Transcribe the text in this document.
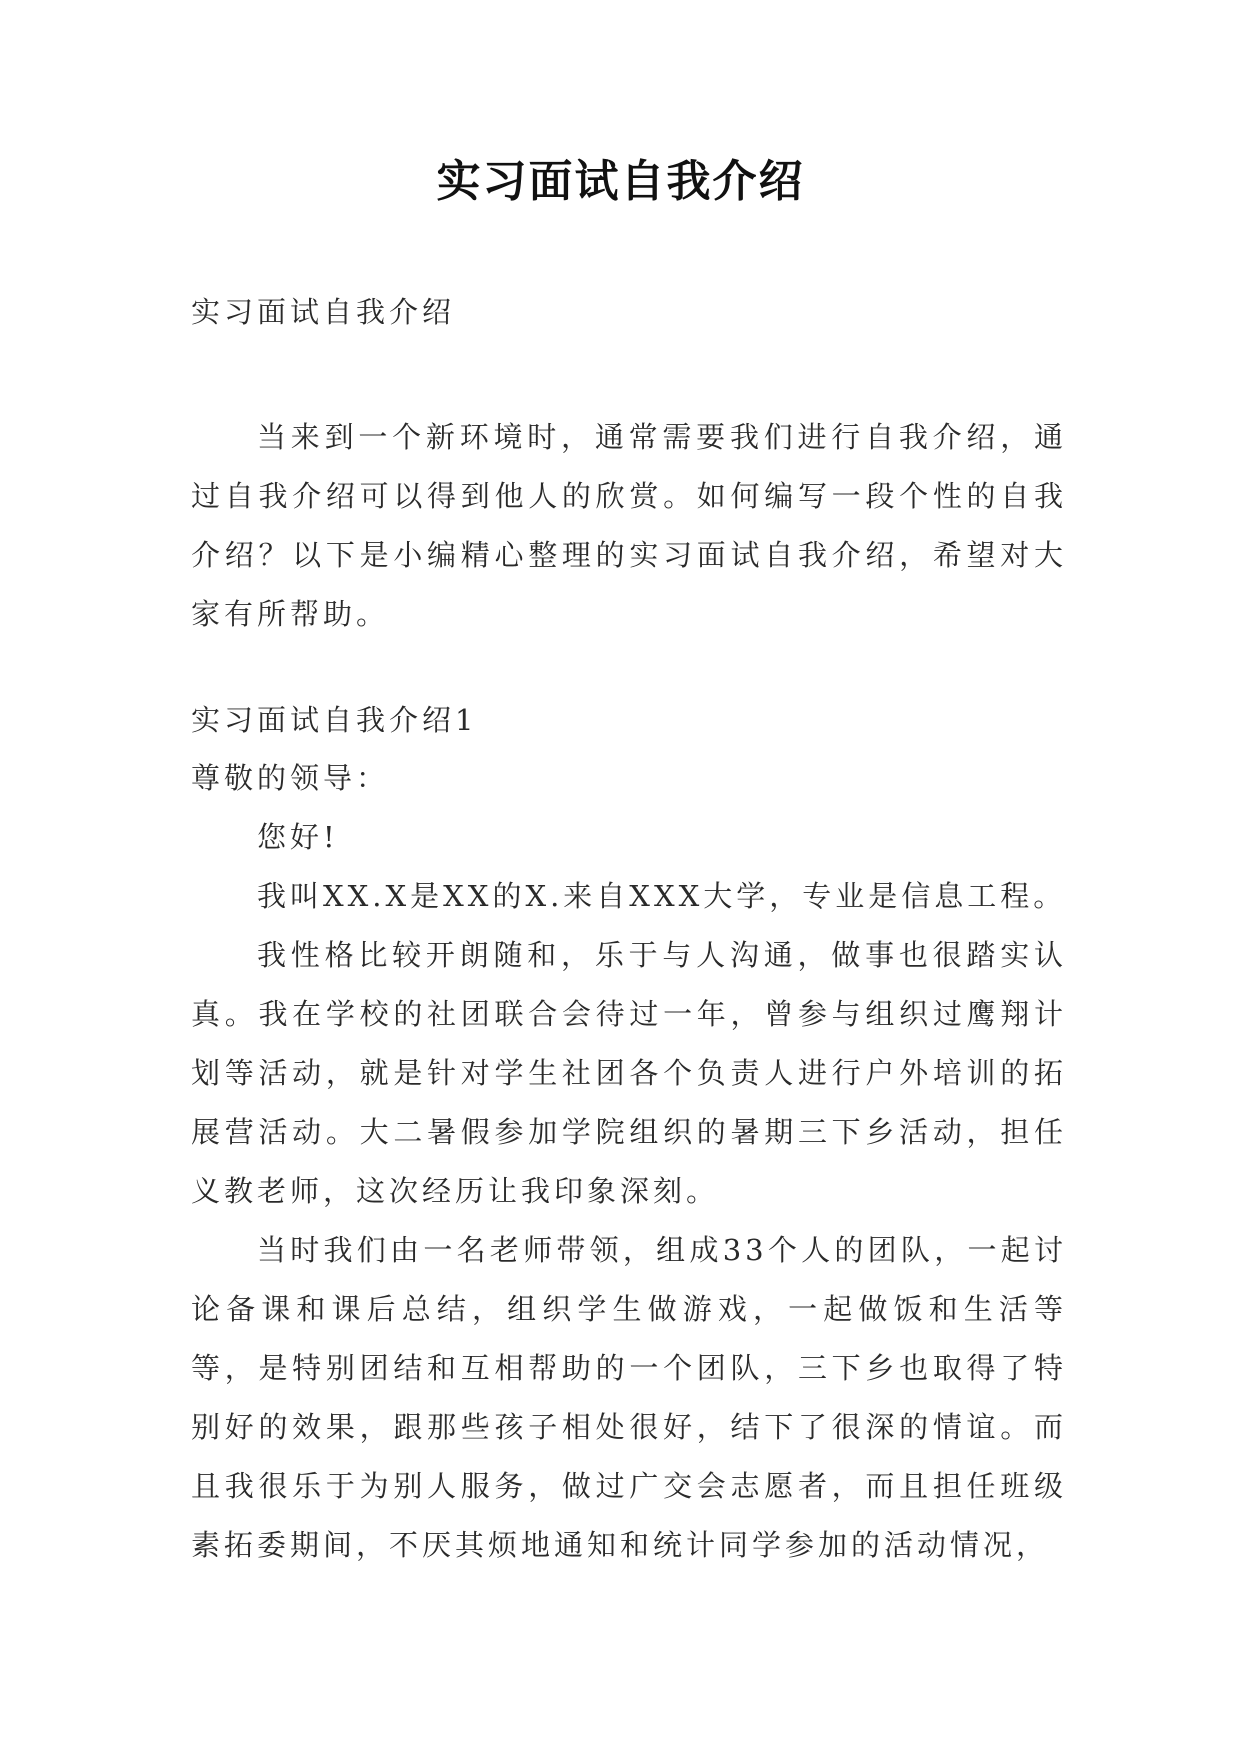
实习面试自我介绍
实习面试自我介绍

当来到一个新环境时，通常需要我们进行自我介绍，通过自我介绍可以得到他人的欣赏。如何编写一段个性的自我介绍？以下是小编精心整理的实习面试自我介绍，希望对大家有所帮助。

实习面试自我介绍1
尊敬的领导：

您好!

我叫XX.X是XX的X.来自XXX大学，专业是信息工程。

我性格比较开朗随和，乐于与人沟通，做事也很踏实认真。我在学校的社团联合会待过一年，曾参与组织过鹰翔计划等活动，就是针对学生社团各个负责人进行户外培训的拓展营活动。大二暑假参加学院组织的暑期三下乡活动，担任义教老师，这次经历让我印象深刻。

当时我们由一名老师带领，组成33个人的团队，一起讨论备课和课后总结，组织学生做游戏，一起做饭和生活等等，是特别团结和互相帮助的一个团队，三下乡也取得了特别好的效果，跟那些孩子相处很好，结下了很深的情谊。而且我很乐于为别人服务，做过广交会志愿者，而且担任班级素拓委期间，不厌其烦地通知和统计同学参加的活动情况，
